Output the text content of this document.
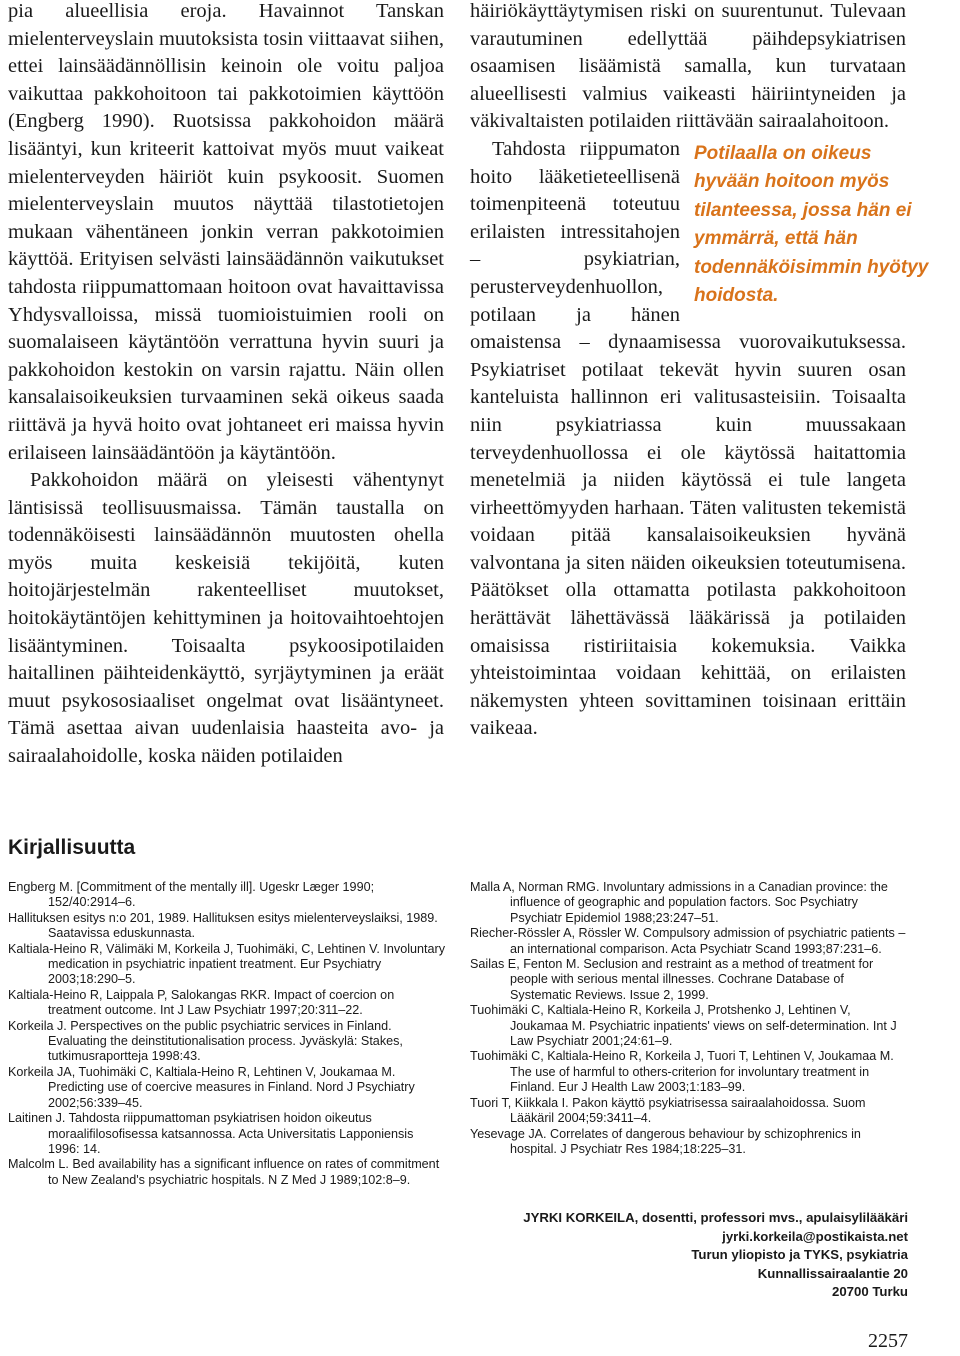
pia alueellisia eroja. Havainnot Tanskan mielenterveyslain muutoksista tosin viittaavat siihen, ettei lainsäädännöllisin keinoin ole voitu paljoa vaikuttaa pakkohoitoon tai pakkotoimien käyttöön (Engberg 1990). Ruotsissa pakkohoidon määrä lisääntyi, kun kriteerit kattoivat myös muut vaikeat mielenterveyden häiriöt kuin psykoosit. Suomen mielenterveyslain muutos näyttää tilastotietojen mukaan vähentäneen jonkin verran pakkotoimien käyttöä. Erityisen selvästi lainsäädännön vaikutukset tahdosta riippumattomaan hoitoon ovat havaittavissa Yhdysvalloissa, missä tuomioistuimien rooli on suomalaiseen käytäntöön verrattuna hyvin suuri ja pakkohoidon kestokin on varsin rajattu. Näin ollen kansalaisoikeuksien turvaaminen sekä oikeus saada riittävä ja hyvä hoito ovat johtaneet eri maissa hyvin erilaiseen lainsäädäntöön ja käytäntöön.

Pakkohoidon määrä on yleisesti vähentynyt läntisissä teollisuusmaissa. Tämän taustalla on todennäköisesti lainsäädännön muutosten ohella myös muita keskeisiä tekijöitä, kuten hoitojärjestelmän rakenteelliset muutokset, hoitokäytäntöjen kehittyminen ja hoitovaihtoehtojen lisääntyminen. Toisaalta psykoosipotilaiden haitallinen päihteidenkäyttö, syrjäytyminen ja eräät muut psykososiaaliset ongelmat ovat lisääntyneet. Tämä asettaa aivan uudenlaisia haasteita avo- ja sairaalahoidolle, koska näiden potilaiden

häiriökäyttäytymisen riski on suurentunut. Tulevaan varautuminen edellyttää päihdepsykiatrisen osaamisen lisäämistä samalla, kun turvataan alueellisesti valmius vaikeasti häiriintyneiden ja väkivaltaisten potilaiden riittävään sairaalahoitoon.

Potilaalla on oikeus hyvään hoitoon myös tilanteessa, jossa hän ei ymmärrä, että hän todennäköisimmin hyötyy hoidosta.

Tahdosta riippumaton hoito lääketieteellisenä toimenpiteenä toteutuu erilaisten intressitahojen – psykiatrian, perusterveydenhuollon, potilaan ja hänen omaistensa – dynaamisessa vuorovaikutuksessa. Psykiatriset potilaat tekevät hyvin suuren osan kanteluista hallinnon eri valitusasteisiin. Toisaalta niin psykiatriassa kuin muussakaan terveydenhuollossa ei ole käytössä haitattomia menetelmiä ja niiden käytössä ei tule langeta virheettömyyden harhaan. Täten valitusten tekemistä voidaan pitää kansalaisoikeuksien hyvänä valvontana ja siten näiden oikeuksien toteutumisena. Päätökset olla ottamatta potilasta pakkohoitoon herättävät lähettävässä lääkärissä ja potilaiden omaisissa ristiriitaisia kokemuksia. Vaikka yhteistoimintaa voidaan kehittää, on erilaisten näkemysten yhteen sovittaminen toisinaan erittäin vaikeaa.

Kirjallisuutta
Engberg M. [Commitment of the mentally ill]. Ugeskr Læger 1990; 152/40:2914–6.
Hallituksen esitys n:o 201, 1989. Hallituksen esitys mielenterveyslaiksi, 1989. Saatavissa eduskunnasta.
Kaltiala-Heino R, Välimäki M, Korkeila J, Tuohimäki, C, Lehtinen V. Involuntary medication in psychiatric inpatient treatment. Eur Psychiatry 2003;18:290–5.
Kaltiala-Heino R, Laippala P, Salokangas RKR. Impact of coercion on treatment outcome. Int J Law Psychiatr 1997;20:311–22.
Korkeila J. Perspectives on the public psychiatric services in Finland. Evaluating the deinstitutionalisation process. Jyväskylä: Stakes, tutkimusraportteja 1998:43.
Korkeila JA, Tuohimäki C, Kaltiala-Heino R, Lehtinen V, Joukamaa M. Predicting use of coercive measures in Finland. Nord J Psychiatry 2002;56:339–45.
Laitinen J. Tahdosta riippumattoman psykiatrisen hoidon oikeutus moraalifilosofisessa katsannossa. Acta Universitatis Lapponiensis 1996: 14.
Malcolm L. Bed availability has a significant influence on rates of commitment to New Zealand's psychiatric hospitals. N Z Med J 1989;102:8–9.
Malla A, Norman RMG. Involuntary admissions in a Canadian province: the influence of geographic and population factors. Soc Psychiatry Psychiatr Epidemiol 1988;23:247–51.
Riecher-Rössler A, Rössler W. Compulsory admission of psychiatric patients – an international comparison. Acta Psychiatr Scand 1993;87:231–6.
Sailas E, Fenton M. Seclusion and restraint as a method of treatment for people with serious mental illnesses. Cochrane Database of Systematic Reviews. Issue 2, 1999.
Tuohimäki C, Kaltiala-Heino R, Korkeila J, Protshenko J, Lehtinen V, Joukamaa M. Psychiatric inpatients' views on self-determination. Int J Law Psychiatr 2001;24:61–9.
Tuohimäki C, Kaltiala-Heino R, Korkeila J, Tuori T, Lehtinen V, Joukamaa M. The use of harmful to others-criterion for involuntary treatment in Finland. Eur J Health Law 2003;1:183–99.
Tuori T, Kiikkala I. Pakon käyttö psykiatrisessa sairaalahoidossa. Suom Lääkäril 2004;59:3411–4.
Yesevage JA. Correlates of dangerous behaviour by schizophrenics in hospital. J Psychiatr Res 1984;18:225–31.
JYRKI KORKEILA, dosentti, professori mvs., apulaisylilääkäri
jyrki.korkeila@postikaista.net
Turun yliopisto ja TYKS, psykiatria
Kunnallissairaalantie 20
20700 Turku
2257
